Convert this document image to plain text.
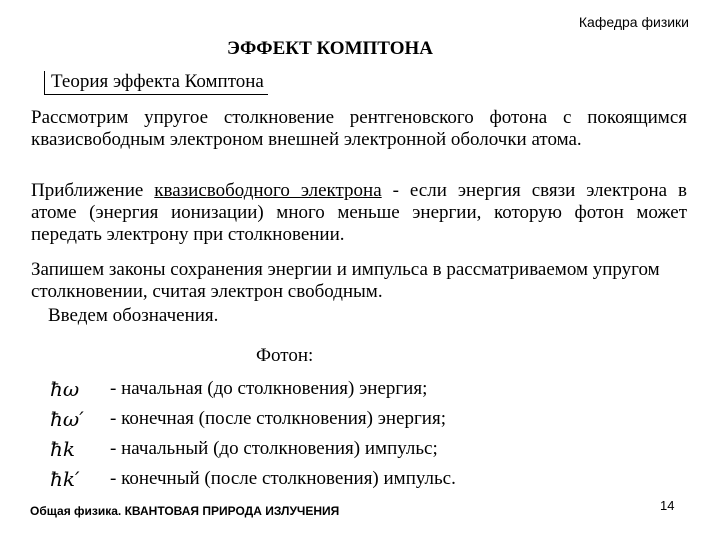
Кафедра физики
ЭФФЕКТ КОМПТОНА
Теория эффекта Комптона
Рассмотрим упругое столкновение рентгеновского фотона с покоящимся квазисвободным электроном внешней электронной оболочки атома.
Приближение квазисвободного электрона - если энергия связи электрона в атоме (энергия ионизации) много меньше энергии, которую фотон может передать электрону при столкновении.
Запишем законы сохранения энергии и импульса в рассматриваемом упругом столкновении, считая электрон свободным.
Введем обозначения.
Фотон:
ħω	- начальная (до столкновения) энергия;
ħω′	- конечная (после столкновения) энергия;
ħk	- начальный (до столкновения) импульс;
ħk′	- конечный (после столкновения) импульс.
Общая физика. КВАНТОВАЯ ПРИРОДА ИЗЛУЧЕНИЯ	14
